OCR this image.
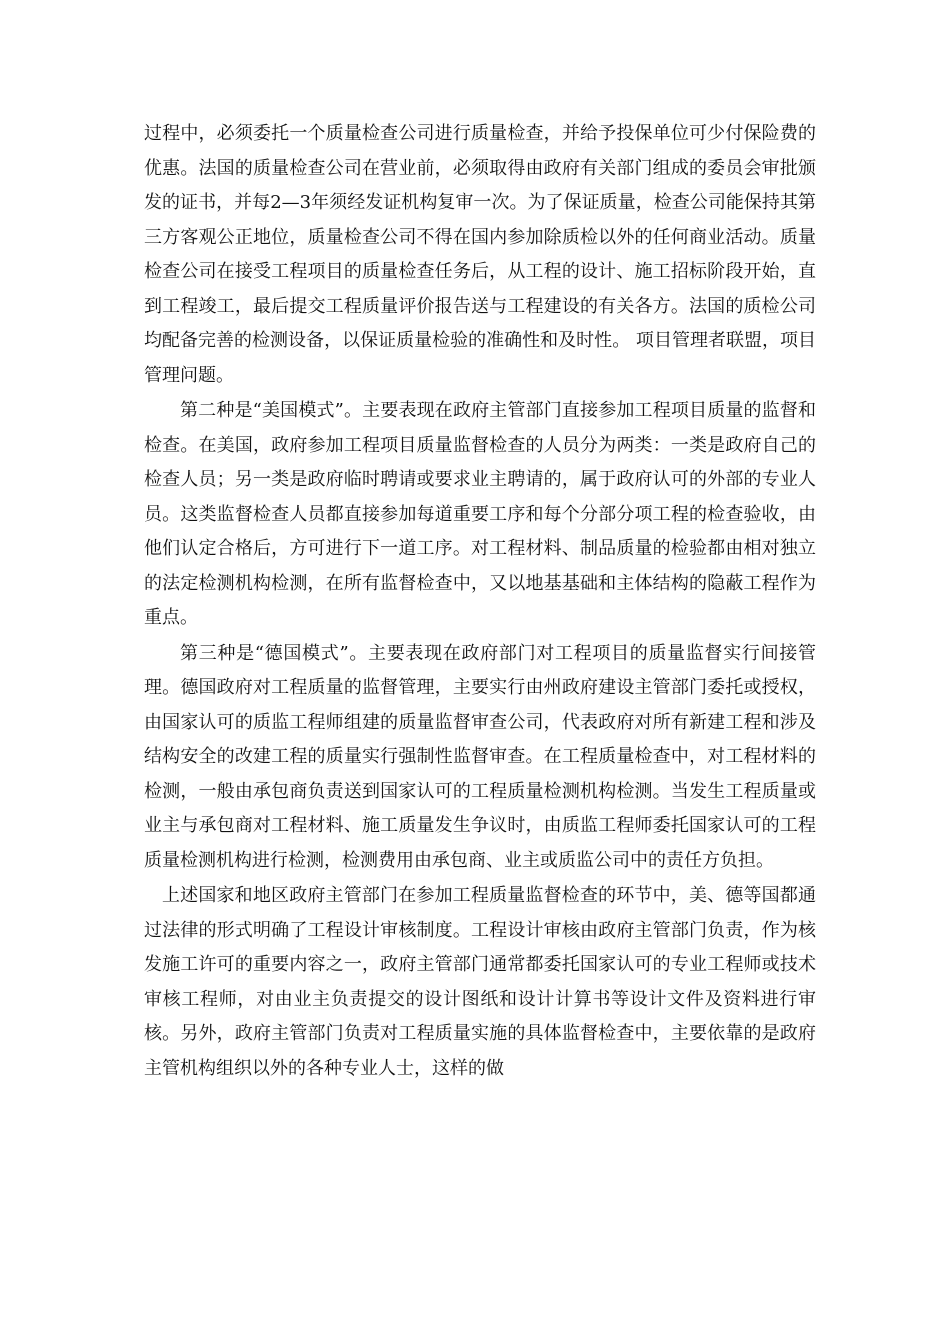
过程中，必须委托一个质量检查公司进行质量检查，并给予投保单位可少付保险费的优惠。法国的质量检查公司在营业前，必须取得由政府有关部门组成的委员会审批颁发的证书，并每2—3年须经发证机构复审一次。为了保证质量，检查公司能保持其第三方客观公正地位，质量检查公司不得在国内参加除质检以外的任何商业活动。质量检查公司在接受工程项目的质量检查任务后，从工程的设计、施工招标阶段开始，直到工程竣工，最后提交工程质量评价报告送与工程建设的有关各方。法国的质检公司均配备完善的检测设备，以保证质量检验的准确性和及时性。 项目管理者联盟，项目管理问题。

第二种是“美国模式”。主要表现在政府主管部门直接参加工程项目质量的监督和检查。在美国，政府参加工程项目质量监督检查的人员分为两类：一类是政府自己的检查人员；另一类是政府临时聘请或要求业主聘请的，属于政府认可的外部的专业人员。这类监督检查人员都直接参加每道重要工序和每个分部分项工程的检查验收，由他们认定合格后，方可进行下一道工序。对工程材料、制品质量的检验都由相对独立的法定检测机构检测，在所有监督检查中，又以地基基础和主体结构的隐蔽工程作为重点。

第三种是“德国模式”。主要表现在政府部门对工程项目的质量监督实行间接管理。德国政府对工程质量的监督管理，主要实行由州政府建设主管部门委托或授权，由国家认可的质监工程师组建的质量监督审查公司，代表政府对所有新建工程和涉及结构安全的改建工程的质量实行强制性监督审查。在工程质量检查中，对工程材料的检测，一般由承包商负责送到国家认可的工程质量检测机构检测。当发生工程质量或业主与承包商对工程材料、施工质量发生争议时，由质监工程师委托国家认可的工程质量检测机构进行检测，检测费用由承包商、业主或质监公司中的责任方负担。

上述国家和地区政府主管部门在参加工程质量监督检查的环节中，美、德等国都通过法律的形式明确了工程设计审核制度。工程设计审核由政府主管部门负责，作为核发施工许可的重要内容之一，政府主管部门通常都委托国家认可的专业工程师或技术审核工程师，对由业主负责提交的设计图纸和设计计算书等设计文件及资料进行审核。另外，政府主管部门负责对工程质量实施的具体监督检查中，主要依靠的是政府主管机构组织以外的各种专业人士，这样的做
